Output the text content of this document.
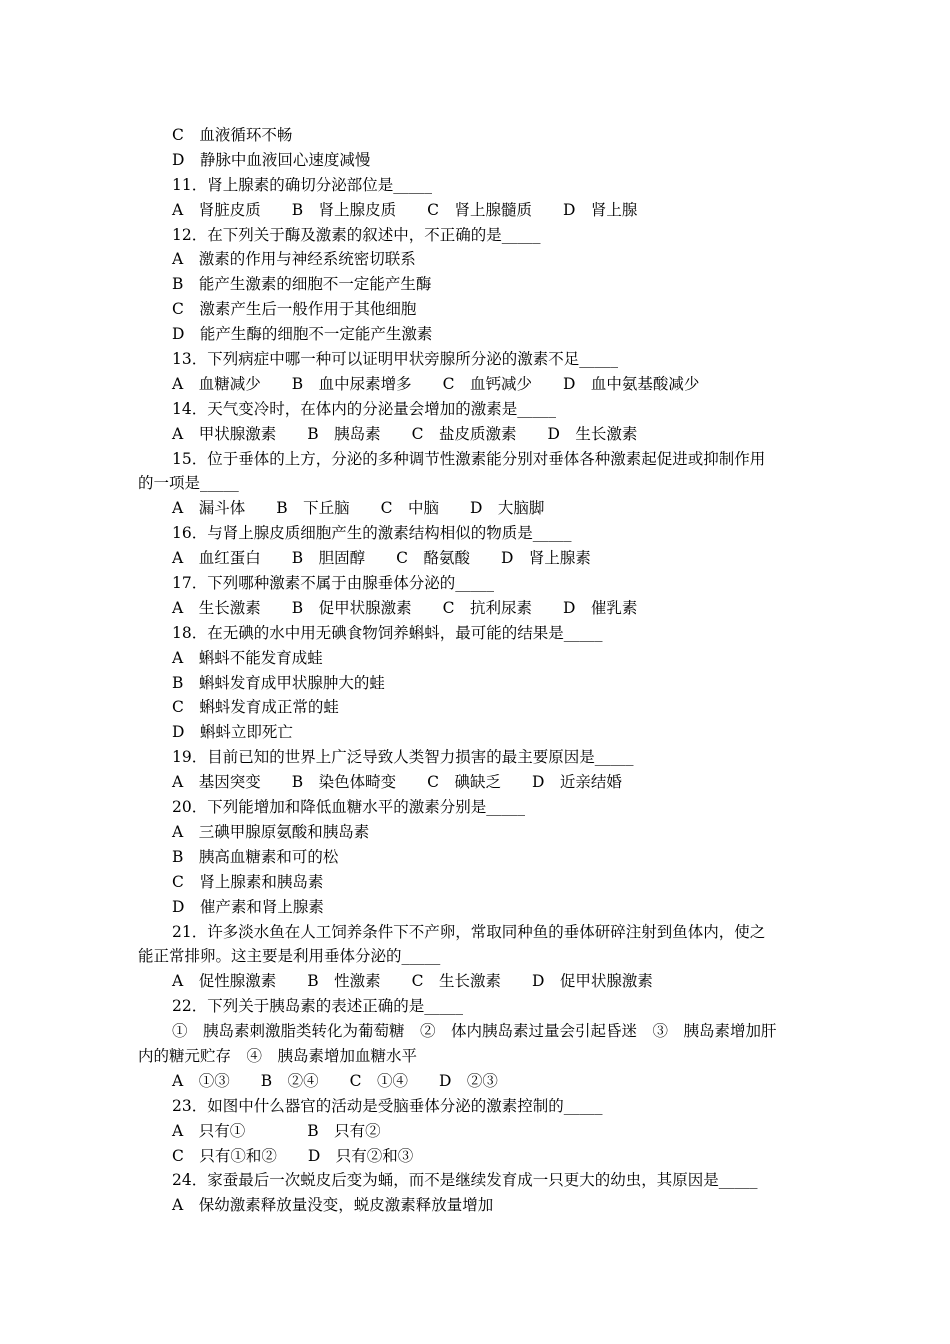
C　血液循环不畅
D　静脉中血液回心速度减慢
11．肾上腺素的确切分泌部位是_____
A　肾脏皮质　　B　肾上腺皮质　　C　肾上腺髓质　　D　肾上腺
12．在下列关于酶及激素的叙述中，不正确的是_____
A　激素的作用与神经系统密切联系
B　能产生激素的细胞不一定能产生酶
C　激素产生后一般作用于其他细胞
D　能产生酶的细胞不一定能产生激素
13．下列病症中哪一种可以证明甲状旁腺所分泌的激素不足_____
A　血糖减少　　B　血中尿素增多　　C　血钙减少　　D　血中氨基酸减少
14．天气变冷时，在体内的分泌量会增加的激素是_____
A　甲状腺激素　　B　胰岛素　　C　盐皮质激素　　D　生长激素
15．位于垂体的上方，分泌的多种调节性激素能分别对垂体各种激素起促进或抑制作用
的一项是_____
A　漏斗体　　B　下丘脑　　C　中脑　　D　大脑脚
16．与肾上腺皮质细胞产生的激素结构相似的物质是_____
A　血红蛋白　　B　胆固醇　　C　酪氨酸　　D　肾上腺素
17．下列哪种激素不属于由腺垂体分泌的_____
A　生长激素　　B　促甲状腺激素　　C　抗利尿素　　D　催乳素
18．在无碘的水中用无碘食物饲养蝌蚪，最可能的结果是_____
A　蝌蚪不能发育成蛙
B　蝌蚪发育成甲状腺肿大的蛙
C　蝌蚪发育成正常的蛙
D　蝌蚪立即死亡
19．目前已知的世界上广泛导致人类智力损害的最主要原因是_____
A　基因突变　　B　染色体畸变　　C　碘缺乏　　D　近亲结婚
20．下列能增加和降低血糖水平的激素分别是_____
A　三碘甲腺原氨酸和胰岛素
B　胰高血糖素和可的松
C　肾上腺素和胰岛素
D　催产素和肾上腺素
21．许多淡水鱼在人工饲养条件下不产卵，常取同种鱼的垂体研碎注射到鱼体内，使之
能正常排卵。这主要是利用垂体分泌的_____
A　促性腺激素　　B　性激素　　C　生长激素　　D　促甲状腺激素
22．下列关于胰岛素的表述正确的是_____
①　胰岛素刺激脂类转化为葡萄糖　②　体内胰岛素过量会引起昏迷　③　胰岛素增加肝
内的糖元贮存　④　胰岛素增加血糖水平
A　①③　　B　②④　　C　①④　　D　②③
23．如图中什么器官的活动是受脑垂体分泌的激素控制的_____
A　只有①　　　　B　只有②
C　只有①和②　　D　只有②和③
24．家蚕最后一次蜕皮后变为蛹，而不是继续发育成一只更大的幼虫，其原因是_____
A　保幼激素释放量没变，蜕皮激素释放量增加
